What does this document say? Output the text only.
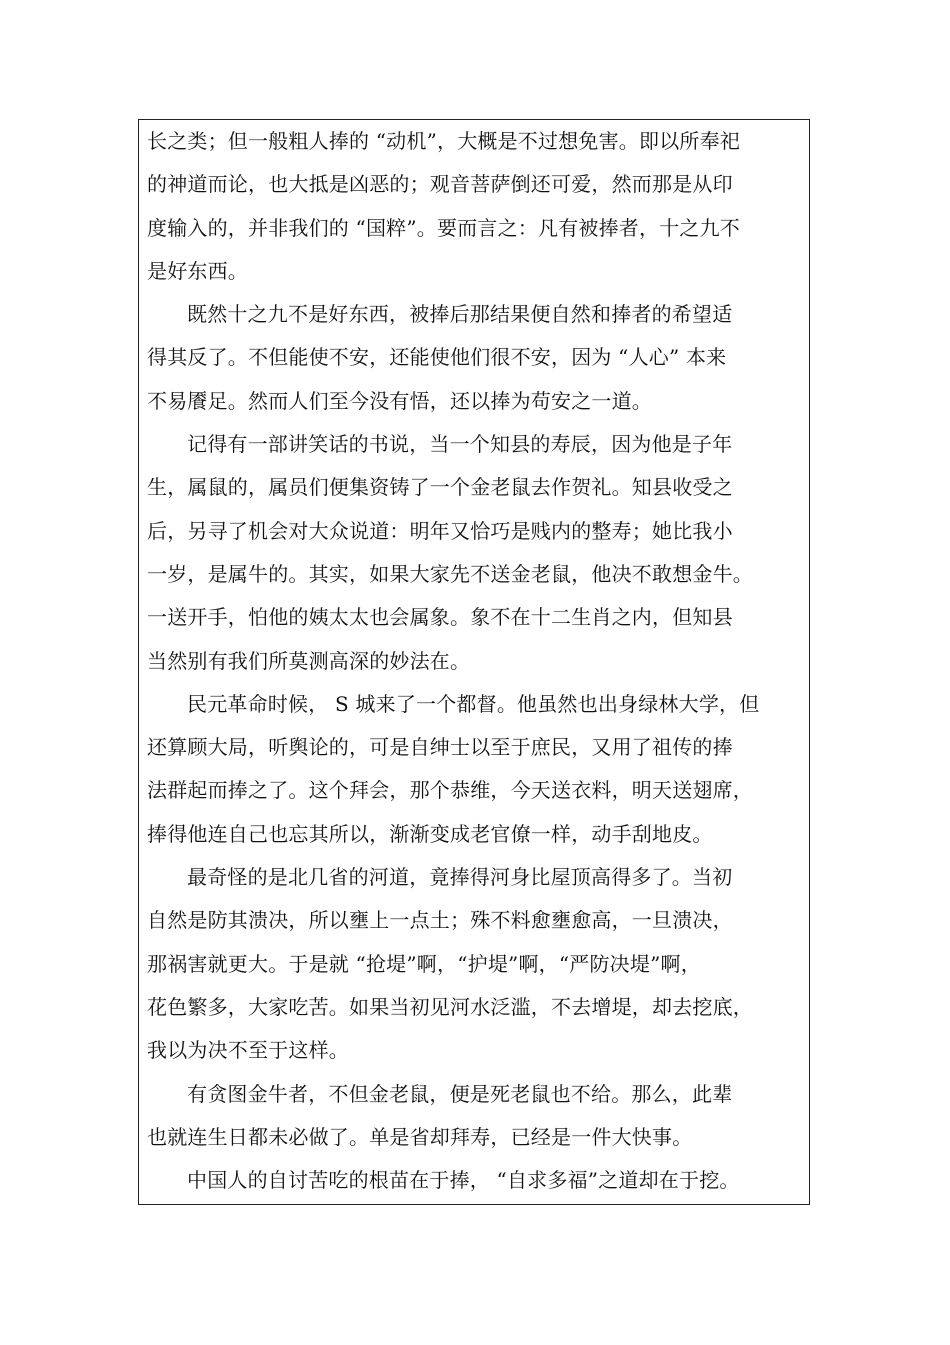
长之类；但一般粗人捧的 “动机”，大概是不过想免害。即以所奉祀
的神道而论，也大抵是凶恶的；观音菩萨倒还可爱，然而那是从印
度输入的，并非我们的 “国粹”。要而言之：凡有被捧者，十之九不
是好东西。
既然十之九不是好东西，被捧后那结果便自然和捧者的希望适
得其反了。不但能使不安，还能使他们很不安，因为 “人心” 本来
不易餍足。然而人们至今没有悟，还以捧为苟安之一道。
记得有一部讲笑话的书说，当一个知县的寿辰，因为他是子年
生，属鼠的，属员们便集资铸了一个金老鼠去作贺礼。知县收受之
后，另寻了机会对大众说道：明年又恰巧是贱内的整寿；她比我小
一岁，是属牛的。其实，如果大家先不送金老鼠，他决不敢想金牛。
一送开手，怕他的姨太太也会属象。象不在十二生肖之内，但知县
当然别有我们所莫测高深的妙法在。
民元革命时候， S 城来了一个都督。他虽然也出身绿林大学，但
还算顾大局，听舆论的，可是自绅士以至于庶民，又用了祖传的捧
法群起而捧之了。这个拜会，那个恭维，今天送衣料，明天送翅席，
捧得他连自己也忘其所以，渐渐变成老官僚一样，动手刮地皮。
最奇怪的是北几省的河道，竟捧得河身比屋顶高得多了。当初
自然是防其溃决，所以壅上一点土；殊不料愈壅愈高，一旦溃决，
那祸害就更大。于是就 “抢堤”啊，“护堤”啊，“严防决堤”啊，
花色繁多，大家吃苦。如果当初见河水泛滥，不去增堤，却去挖底，
我以为决不至于这样。
有贪图金牛者，不但金老鼠，便是死老鼠也不给。那么，此辈
也就连生日都未必做了。单是省却拜寿，已经是一件大快事。
中国人的自讨苦吃的根苗在于捧， “自求多福”之道却在于挖。
